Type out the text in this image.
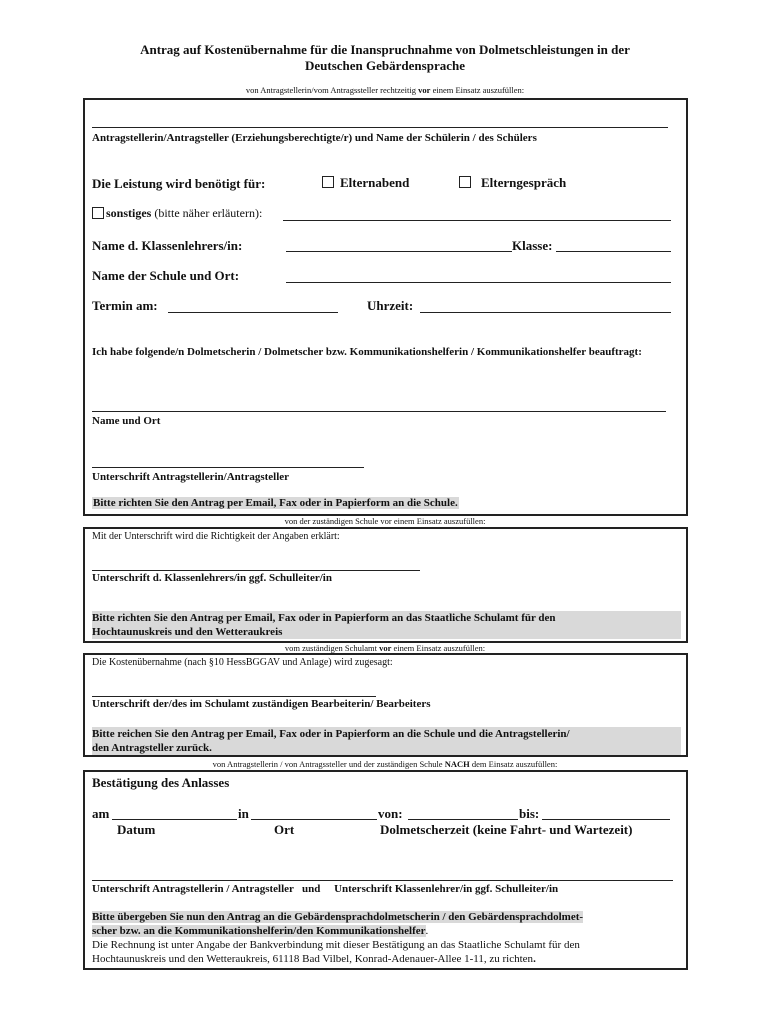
Antrag auf Kostenübernahme für die Inanspruchnahme von Dolmetschleistungen in der
Deutschen Gebärdensprache
von Antragstellerin/vom Antragssteller rechtzeitig vor einem Einsatz auszufüllen:
Antragstellerin/Antragsteller (Erziehungsberechtigte/r) und Name der Schülerin / des Schülers
Die Leistung wird benötigt für:	Elternabend	Elterngespräch
sonstiges (bitte näher erläutern):
Name d. Klassenlehrers/in:	Klasse:
Name der Schule und Ort:
Termin am:	Uhrzeit:
Ich habe folgende/n Dolmetscherin / Dolmetscher bzw. Kommunikationshelferin / Kommunikationshelfer beauftragt:
Name und Ort
Unterschrift Antragstellerin/Antragsteller
Bitte richten Sie den Antrag per Email, Fax oder in Papierform an die Schule.
von der zuständigen Schule vor einem Einsatz auszufüllen:
Mit der Unterschrift wird die Richtigkeit der Angaben erklärt:
Unterschrift d. Klassenlehrers/in ggf. Schulleiter/in
Bitte richten Sie den Antrag per Email, Fax oder in Papierform an das Staatliche Schulamt für den
Hochtaunuskreis und den Wetteraukreis
vom zuständigen Schulamt vor einem Einsatz auszufüllen:
Die Kostenübernahme (nach §10 HessBGGAV und Anlage) wird zugesagt:
Unterschrift der/des im Schulamt zuständigen Bearbeiterin/ Bearbeiters
Bitte reichen Sie den Antrag per Email, Fax oder in Papierform an die Schule und die Antragstellerin/
den Antragsteller zurück.
von Antragstellerin / von Antragssteller und der zuständigen Schule NACH dem Einsatz auszufüllen:
Bestätigung des Anlasses
am	in	von:	bis:
Datum	Ort	Dolmetscherzeit (keine Fahrt- und Wartezeit)
Unterschrift Antragstellerin / Antragsteller   und     Unterschrift Klassenlehrer/in ggf. Schulleiter/in
Bitte übergeben Sie nun den Antrag an die Gebärdensprachdolmetscherin / den Gebärdensprachdolmet-
scher bzw. an die Kommunikationshelferin/den Kommunikationshelfer.
Die Rechnung ist unter Angabe der Bankverbindung mit dieser Bestätigung an das Staatliche Schulamt für den
Hochtaunuskreis und den Wetteraukreis, 61118 Bad Vilbel, Konrad-Adenauer-Allee 1-11, zu richten.
